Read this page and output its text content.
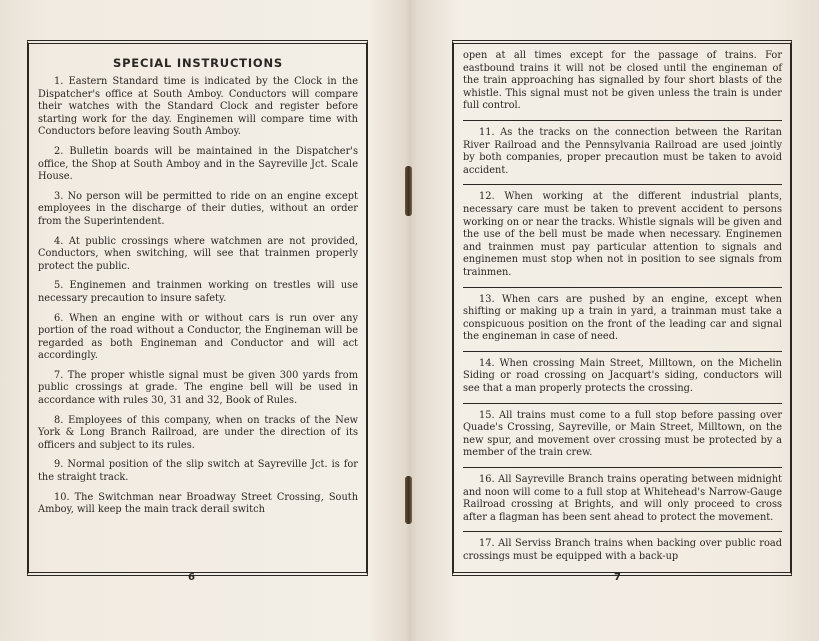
SPECIAL INSTRUCTIONS

1. Eastern Standard time is indicated by the Clock in the Dispatcher's office at South Amboy. Conductors will compare their watches with the Standard Clock and register before starting work for the day. Enginemen will compare time with Conductors before leaving South Amboy.

2. Bulletin boards will be maintained in the Dispatcher's office, the Shop at South Amboy and in the Sayreville Jct. Scale House.

3. No person will be permitted to ride on an engine except employees in the discharge of their duties, without an order from the Superintendent.

4. At public crossings where watchmen are not provided, Conductors, when switching, will see that trainmen properly protect the public.

5. Enginemen and trainmen working on trestles will use necessary precaution to insure safety.

6. When an engine with or without cars is run over any portion of the road without a Conductor, the Engineman will be regarded as both Engineman and Conductor and will act accordingly.

7. The proper whistle signal must be given 300 yards from public crossings at grade. The engine bell will be used in accordance with rules 30, 31 and 32, Book of Rules.

8. Employees of this company, when on tracks of the New York & Long Branch Railroad, are under the direction of its officers and subject to its rules.

9. Normal position of the slip switch at Sayreville Jct. is for the straight track.

10. The Switchman near Broadway Street Crossing, South Amboy, will keep the main track derail switch

6

open at all times except for the passage of trains. For eastbound trains it will not be closed until the engineman of the train approaching has signalled by four short blasts of the whistle. This signal must not be given unless the train is under full control.

11. As the tracks on the connection between the Raritan River Railroad and the Pennsylvania Railroad are used jointly by both companies, proper precaution must be taken to avoid accident.

12. When working at the different industrial plants, necessary care must be taken to prevent accident to persons working on or near the tracks. Whistle signals will be given and the use of the bell must be made when necessary. Enginemen and trainmen must pay particular attention to signals and enginemen must stop when not in position to see signals from trainmen.

13. When cars are pushed by an engine, except when shifting or making up a train in yard, a trainman must take a conspicuous position on the front of the leading car and signal the engineman in case of need.

14. When crossing Main Street, Milltown, on the Michelin Siding or road crossing on Jacquart's siding, conductors will see that a man properly protects the crossing.

15. All trains must come to a full stop before passing over Quade's Crossing, Sayreville, or Main Street, Milltown, on the new spur, and movement over crossing must be protected by a member of the train crew.

16. All Sayreville Branch trains operating between midnight and noon will come to a full stop at Whitehead's Narrow-Gauge Railroad crossing at Brights, and will only proceed to cross after a flagman has been sent ahead to protect the movement.

17. All Serviss Branch trains when backing over public road crossings must be equipped with a back-up

7
